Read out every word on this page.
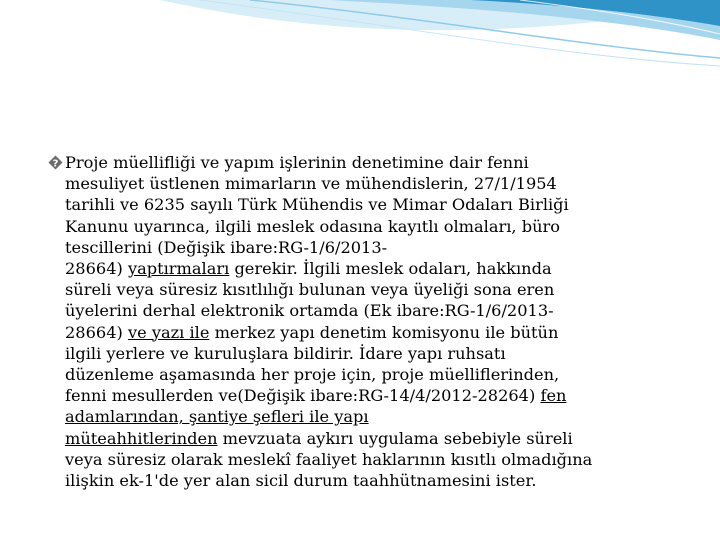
? Proje müellifliği ve yapım işlerinin denetimine dair fenni
mesuliyet üstlenen mimarların ve mühendislerin, 27/1/1954
tarihli ve 6235 sayılı Türk Mühendis ve Mimar Odaları Birliği
Kanunu uyarınca, ilgili meslek odasına kayıtlı olmaları, büro
tescillerini (Değişik ibare:RG-1/6/2013-
28664) yaptırmaları gerekir. İlgili meslek odaları, hakkında
süreli veya süresiz kısıtlılığı bulunan veya üyeliği sona eren
üyelerini derhal elektronik ortamda (Ek ibare:RG-1/6/2013-
28664) ve yazı ile merkez yapı denetim komisyonu ile bütün
ilgili yerlere ve kuruluşlara bildirir. İdare yapı ruhsatı
düzenleme aşamasında her proje için, proje müelliflerinden,
fenni mesullerden ve(Değişik ibare:RG-14/4/2012-28264) fen
adamlarından, şantiye şefleri ile yapı
müteahhitlerinden mevzuata aykırı uygulama sebebiyle süreli
veya süresiz olarak meslekî faaliyet haklarının kısıtlı olmadığına
ilişkin ek-1'de yer alan sicil durum taahhütnamesini ister.
